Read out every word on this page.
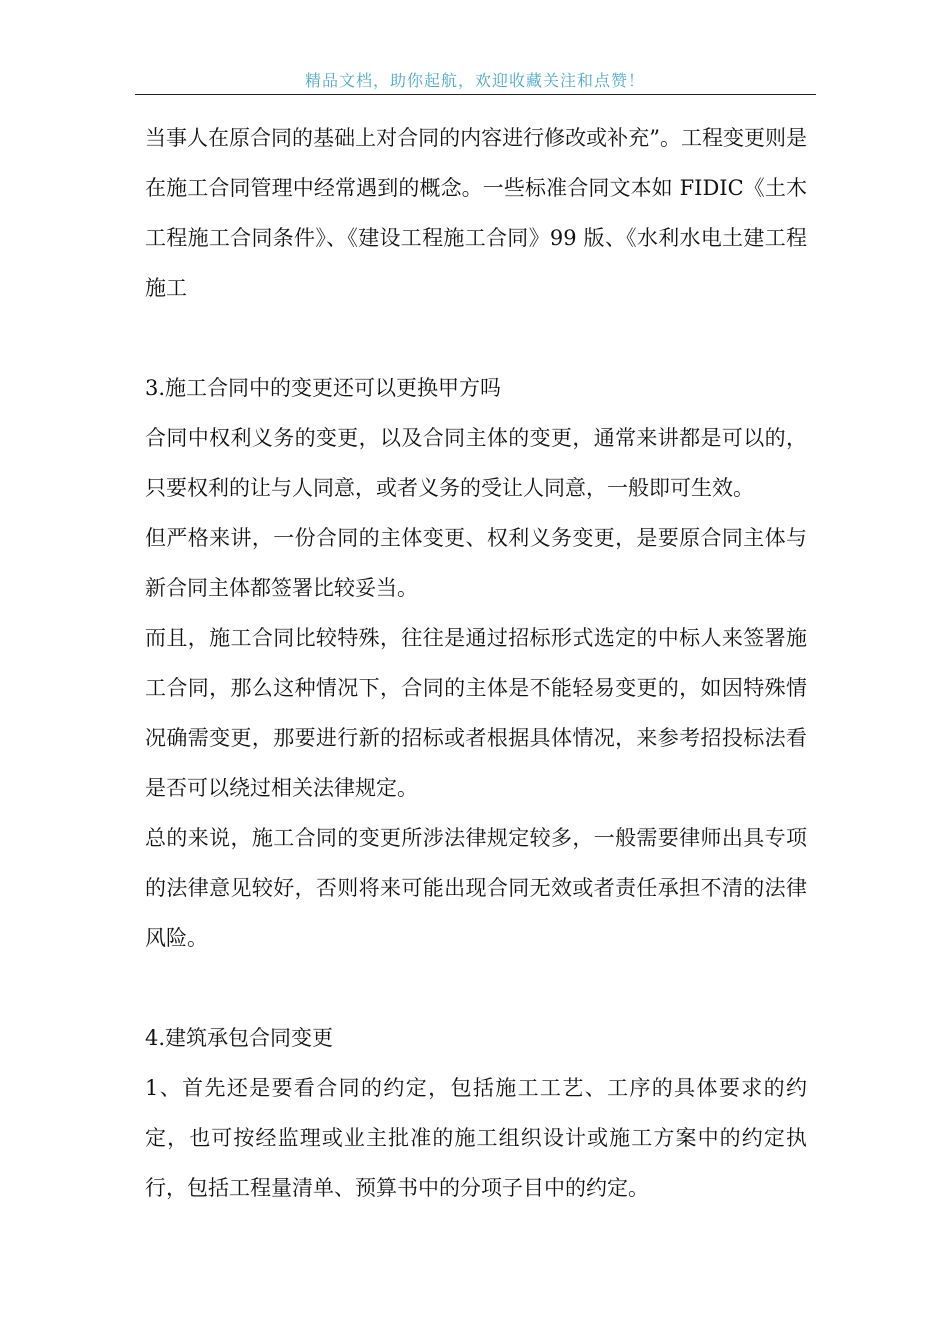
精品文档，助你起航，欢迎收藏关注和点赞！

当事人在原合同的基础上对合同的内容进行修改或补充”。工程变更则是在施工合同管理中经常遇到的概念。一些标准合同文本如 FIDIC《土木工程施工合同条件》、《建设工程施工合同》99 版、《水利水电土建工程施工

3.施工合同中的变更还可以更换甲方吗

合同中权利义务的变更，以及合同主体的变更，通常来讲都是可以的，只要权利的让与人同意，或者义务的受让人同意，一般即可生效。

但严格来讲，一份合同的主体变更、权利义务变更，是要原合同主体与新合同主体都签署比较妥当。

而且，施工合同比较特殊，往往是通过招标形式选定的中标人来签署施工合同，那么这种情况下，合同的主体是不能轻易变更的，如因特殊情况确需变更，那要进行新的招标或者根据具体情况，来参考招投标法看是否可以绕过相关法律规定。

总的来说，施工合同的变更所涉法律规定较多，一般需要律师出具专项的法律意见较好，否则将来可能出现合同无效或者责任承担不清的法律风险。

4.建筑承包合同变更

1、首先还是要看合同的约定，包括施工工艺、工序的具体要求的约定，也可按经监理或业主批准的施工组织设计或施工方案中的约定执行，包括工程量清单、预算书中的分项子目中的约定。
